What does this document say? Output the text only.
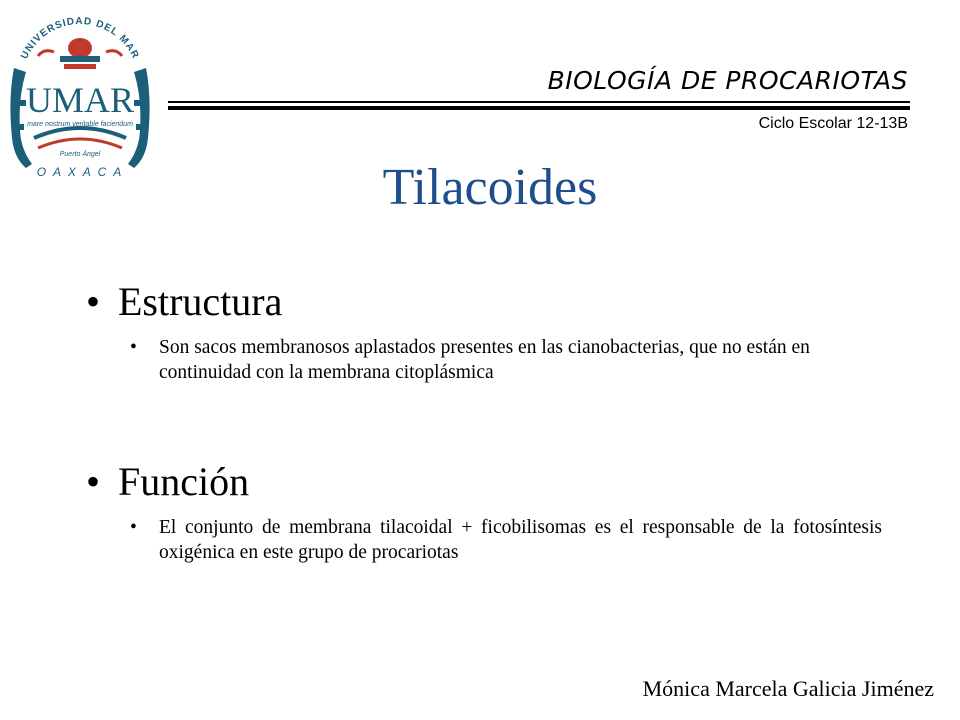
UNIVERSIDAD DEL MAR
UMAR
mare nostrum veritable faciendum
Puerto Ángel
O A X A C A
BIOLOGÍA DE PROCARIOTAS
Ciclo Escolar 12-13B
Tilacoides
• Estructura
•	Son sacos membranosos aplastados presentes en las cianobacterias, que no están en continuidad con la membrana citoplásmica
• Función
•	El conjunto de membrana tilacoidal + ficobilisomas es el responsable de la fotosíntesis oxigénica en este grupo de procariotas
Mónica Marcela Galicia Jiménez
